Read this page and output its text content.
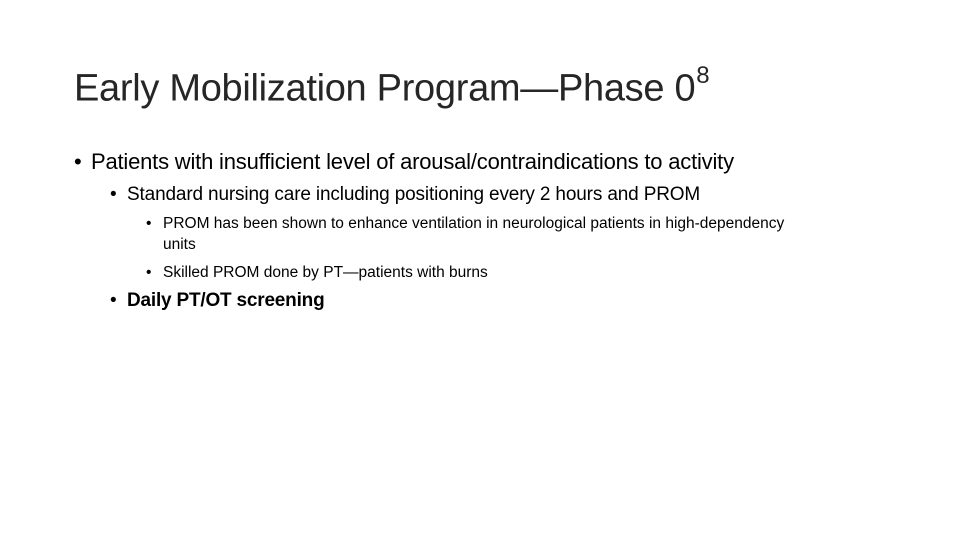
Early Mobilization Program—Phase $0^8$
• Patients with insufficient level of arousal/contraindications to activity
• Standard nursing care including positioning every 2 hours and PROM
• PROM has been shown to enhance ventilation in neurological patients in high-dependency units
• Skilled PROM done by PT—patients with burns
• Daily PT/OT screening
